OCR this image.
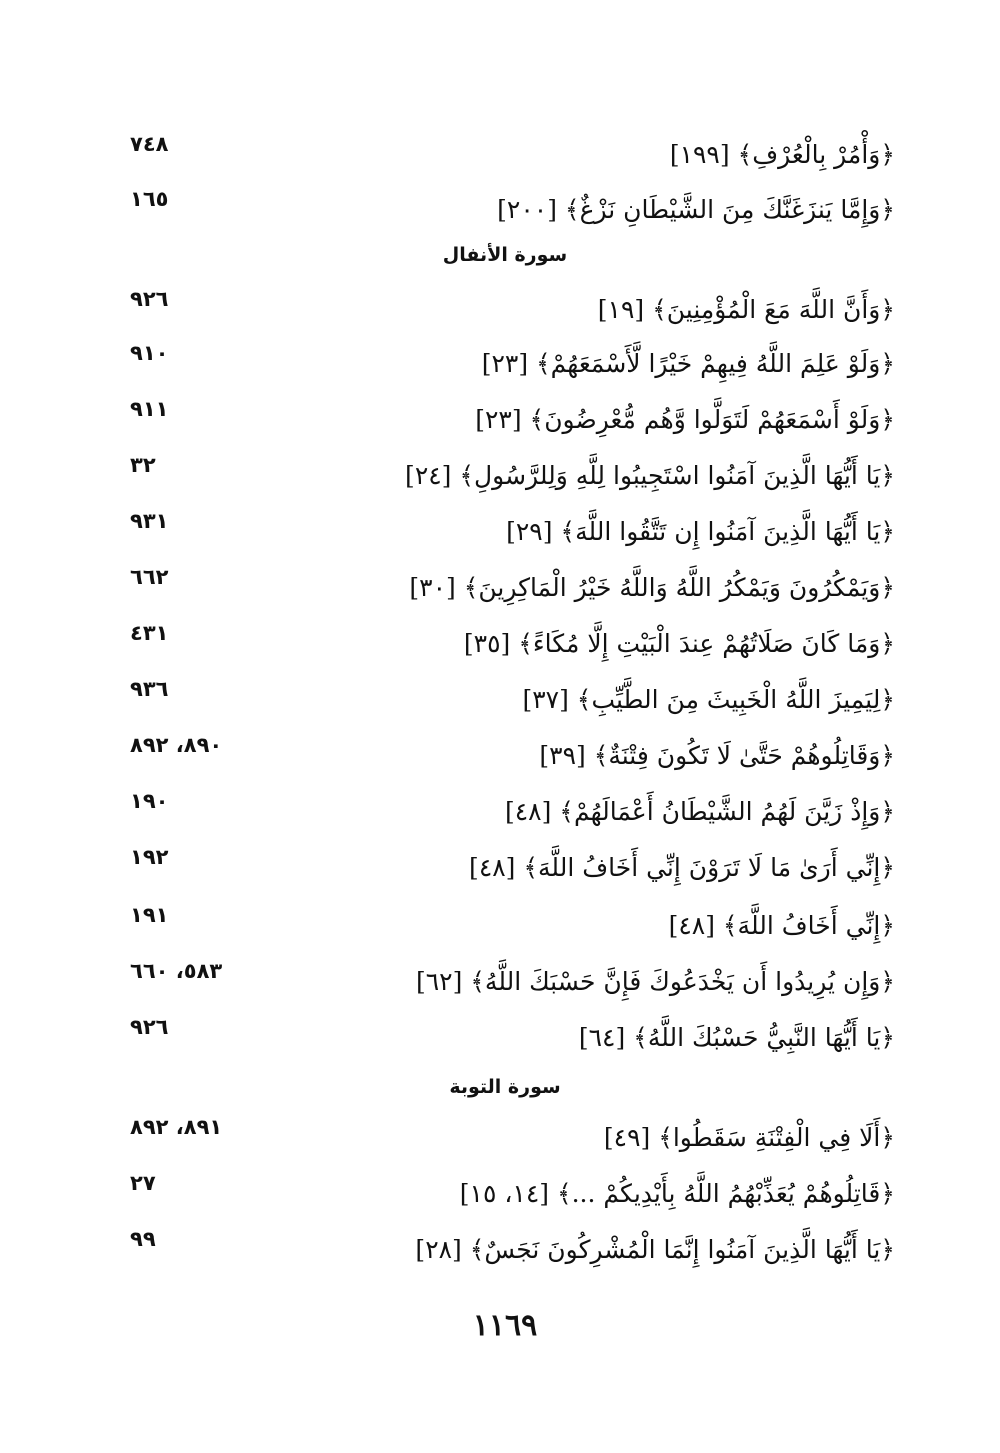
﴿وَأْمُرْ بِالْعُرْفِ﴾ [١٩٩]
٧٤٨
﴿وَإِمَّا يَنزَغَنَّكَ مِنَ الشَّيْطَانِ نَزْغٌ﴾ [٢٠٠]
١٦٥
سورة الأنفال
﴿وَأَنَّ اللَّهَ مَعَ الْمُؤْمِنِينَ﴾ [١٩]
٩٢٦
﴿وَلَوْ عَلِمَ اللَّهُ فِيهِمْ خَيْرًا لَّأَسْمَعَهُمْ﴾ [٢٣]
٩١٠
﴿وَلَوْ أَسْمَعَهُمْ لَتَوَلَّوا وَّهُم مُّعْرِضُونَ﴾ [٢٣]
٩١١
﴿يَا أَيُّهَا الَّذِينَ آمَنُوا اسْتَجِيبُوا لِلَّهِ وَلِلرَّسُولِ﴾ [٢٤]
٣٢
﴿يَا أَيُّهَا الَّذِينَ آمَنُوا إِن تَتَّقُوا اللَّهَ﴾ [٢٩]
٩٣١
﴿وَيَمْكُرُونَ وَيَمْكُرُ اللَّهُ وَاللَّهُ خَيْرُ الْمَاكِرِينَ﴾ [٣٠]
٦٦٢
﴿وَمَا كَانَ صَلَاتُهُمْ عِندَ الْبَيْتِ إِلَّا مُكَاءً﴾ [٣٥]
٤٣١
﴿لِيَمِيزَ اللَّهُ الْخَبِيثَ مِنَ الطَّيِّبِ﴾ [٣٧]
٩٣٦
﴿وَقَاتِلُوهُمْ حَتَّىٰ لَا تَكُونَ فِتْنَةٌ﴾ [٣٩]
٨٩٠، ٨٩٢
﴿وَإِذْ زَيَّنَ لَهُمُ الشَّيْطَانُ أَعْمَالَهُمْ﴾ [٤٨]
١٩٠
﴿إِنِّي أَرَىٰ مَا لَا تَرَوْنَ إِنِّي أَخَافُ اللَّهَ﴾ [٤٨]
١٩٢
﴿إِنِّي أَخَافُ اللَّهَ﴾ [٤٨]
١٩١
﴿وَإِن يُرِيدُوا أَن يَخْدَعُوكَ فَإِنَّ حَسْبَكَ اللَّهُ﴾ [٦٢]
٥٨٣، ٦٦٠
﴿يَا أَيُّهَا النَّبِيُّ حَسْبُكَ اللَّهُ﴾ [٦٤]
٩٢٦
سورة التوبة
﴿أَلَا فِي الْفِتْنَةِ سَقَطُوا﴾ [٤٩]
٨٩١، ٨٩٢
﴿قَاتِلُوهُمْ يُعَذِّبْهُمُ اللَّهُ بِأَيْدِيكُمْ ...﴾ [١٤، ١٥]
٢٧
﴿يَا أَيُّهَا الَّذِينَ آمَنُوا إِنَّمَا الْمُشْرِكُونَ نَجَسٌ﴾ [٢٨]
٩٩
١١٦٩
